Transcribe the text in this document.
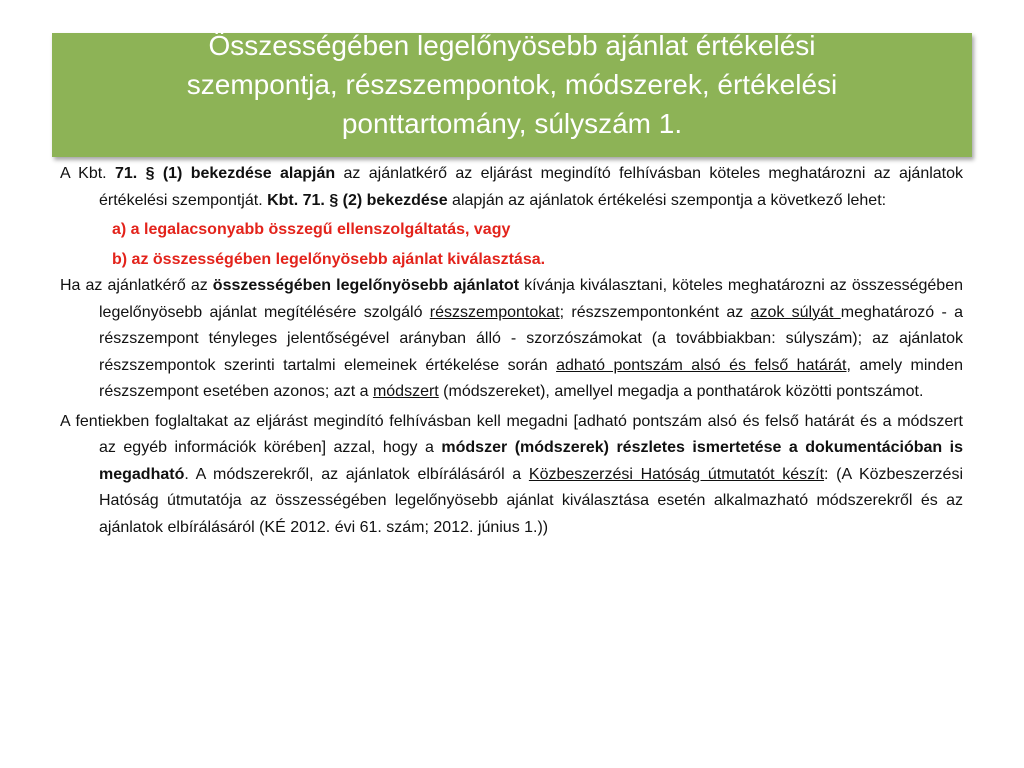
Összességében legelőnyösebb ajánlat értékelési
szempontja, részszempontok, módszerek, értékelési
ponttartomány, súlyszám 1.

A Kbt. 71. § (1) bekezdése alapján az ajánlatkérő az eljárást megindító felhívásban köteles meghatározni az ajánlatok értékelési szempontját. Kbt. 71. § (2) bekezdése alapján az ajánlatok értékelési szempontja a következő lehet:

a) a legalacsonyabb összegű ellenszolgáltatás, vagy

b) az összességében legelőnyösebb ajánlat kiválasztása.

Ha az ajánlatkérő az összességében legelőnyösebb ajánlatot kívánja kiválasztani, köteles meghatározni az összességében legelőnyösebb ajánlat megítélésére szolgáló részszempontokat; részszempontonként az azok súlyát meghatározó - a részszempont tényleges jelentőségével arányban álló - szorzószámokat (a továbbiakban: súlyszám); az ajánlatok részszempontok szerinti tartalmi elemeinek értékelése során adható pontszám alsó és felső határát, amely minden részszempont esetében azonos; azt a módszert (módszereket), amellyel megadja a ponthatárok közötti pontszámot.

A fentiekben foglaltakat az eljárást megindító felhívásban kell megadni [adható pontszám alsó és felső határát és a módszert az egyéb információk körében] azzal, hogy a módszer (módszerek) részletes ismertetése a dokumentációban is megadható. A módszerekről, az ajánlatok elbírálásáról a Közbeszerzési Hatóság útmutatót készít: (A Közbeszerzési Hatóság útmutatója az összességében legelőnyösebb ajánlat kiválasztása esetén alkalmazható módszerekről és az ajánlatok elbírálásáról (KÉ 2012. évi 61. szám; 2012. június 1.))
